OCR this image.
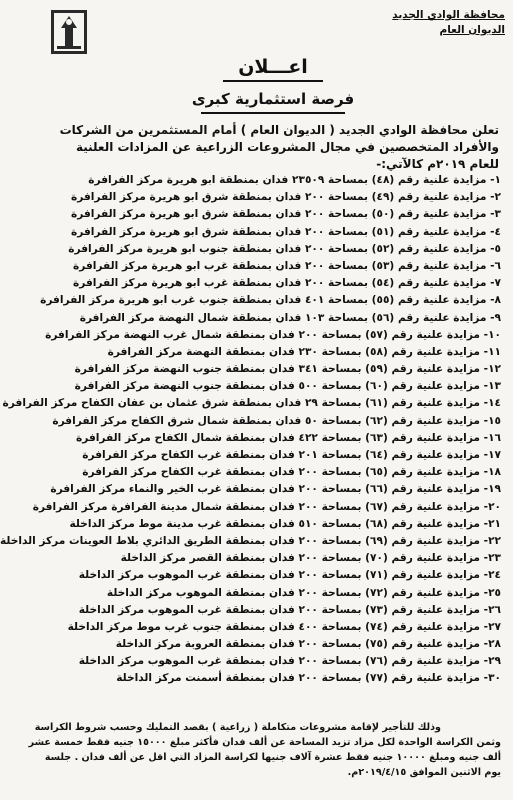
محافظة الوادي الجديد
الديوان العام
اعـــلان
فرصة استثمارية كبرى
تعلن محافظة الوادي الجديد ( الديوان العام ) أمام المستثمرين من الشركات والأفراد المتخصصين في مجال المشروعات الزراعية عن المزادات العلنية للعام ٢٠١٩م كالآتي:-
١- مزايدة علنية رقم (٤٨) بمساحة ٢٣٥٠٩ فدان بمنطقة ابو هريرة مركز الفرافرة
٢- مزايدة علنية رقم (٤٩) بمساحة ٢٠٠ فدان بمنطقة شرق ابو هريرة مركز الفرافرة
٣- مزايدة علنية رقم (٥٠) بمساحة ٢٠٠ فدان بمنطقة شرق ابو هريرة مركز الفرافرة
٤- مزايدة علنية رقم (٥١) بمساحة ٢٠٠ فدان بمنطقة شرق ابو هريرة مركز الفرافرة
٥- مزايدة علنية رقم (٥٢) بمساحة ٢٠٠ فدان بمنطقة جنوب ابو هريرة مركز الفرافرة
٦- مزايدة علنية رقم (٥٣) بمساحة ٢٠٠ فدان بمنطقة غرب ابو هريرة مركز الفرافرة
٧- مزايدة علنية رقم (٥٤) بمساحة ٢٠٠ فدان بمنطقة غرب ابو هريرة مركز الفرافرة
٨- مزايدة علنية رقم (٥٥) بمساحة ٤٠١ فدان بمنطقة جنوب غرب ابو هريرة مركز الفرافرة
٩- مزايدة علنية رقم (٥٦) بمساحة ١٠٣ فدان بمنطقة شمال النهضة مركز الفرافرة
١٠- مزايدة علنية رقم (٥٧) بمساحة ٢٠٠ فدان بمنطقة شمال غرب النهضة مركز الفرافرة
١١- مزايدة علنية رقم (٥٨) بمساحة ٢٣٠ فدان بمنطقة النهضة مركز الفرافرة
١٢- مزايدة علنية رقم (٥٩) بمساحة ٣٤١ فدان بمنطقة جنوب النهضة مركز الفرافرة
١٣- مزايدة علنية رقم (٦٠) بمساحة ٥٠٠ فدان بمنطقة جنوب النهضة مركز الفرافرة
١٤- مزايدة علنية رقم (٦١) بمساحة ٢٩ فدان بمنطقة شرق عثمان بن عفان الكفاح مركز الفرافرة
١٥- مزايدة علنية رقم (٦٢) بمساحة ٥٠ فدان بمنطقة شمال شرق الكفاح مركز الفرافرة
١٦- مزايدة علنية رقم (٦٣) بمساحة ٤٢٢ فدان بمنطقة شمال الكفاح مركز الفرافرة
١٧- مزايدة علنية رقم (٦٤) بمساحة ٢٠١ فدان بمنطقة غرب الكفاح مركز الفرافرة
١٨- مزايدة علنية رقم (٦٥) بمساحة ٢٠٠ فدان بمنطقة غرب الكفاح مركز الفرافرة
١٩- مزايدة علنية رقم (٦٦) بمساحة ٢٠٠ فدان بمنطقة غرب الخير والنماء مركز الفرافرة
٢٠- مزايدة علنية رقم (٦٧) بمساحة ٢٠٠ فدان بمنطقة شمال مدينة الفرافرة مركز الفرافرة
٢١- مزايدة علنية رقم (٦٨) بمساحة ٥١٠ فدان بمنطقة غرب مدينة موط مركز الداخلة
٢٢- مزايدة علنية رقم (٦٩) بمساحة ٢٠٠ فدان بمنطقة الطريق الدائري بلاط العوينات مركز الداخلة
٢٣- مزايدة علنية رقم (٧٠) بمساحة ٢٠٠ فدان بمنطقة القصر مركز الداخلة
٢٤- مزايدة علنية رقم (٧١) بمساحة ٢٠٠ فدان بمنطقة غرب الموهوب مركز الداخلة
٢٥- مزايدة علنية رقم (٧٢) بمساحة ٢٠٠ فدان بمنطقة الموهوب مركز الداخلة
٢٦- مزايدة علنية رقم (٧٣) بمساحة ٢٠٠ فدان بمنطقة غرب الموهوب مركز الداخلة
٢٧- مزايدة علنية رقم (٧٤) بمساحة ٤٠٠ فدان بمنطقة جنوب غرب موط مركز الداخلة
٢٨- مزايدة علنية رقم (٧٥) بمساحة ٢٠٠ فدان بمنطقة العروبة مركز الداخلة
٢٩- مزايدة علنية رقم (٧٦) بمساحة ٢٠٠ فدان بمنطقة غرب الموهوب مركز الداخلة
٣٠- مزايدة علنية رقم (٧٧) بمساحة ٢٠٠ فدان بمنطقة أسمنت مركز الداخلة

وذلك للتأجير لإقامة مشروعات متكاملة ( زراعية ) بقصد التمليك وحسب شروط الكراسة

وثمن الكراسة الواحدة لكل مزاد تزيد المساحة عن ألف فدان فأكثر مبلغ ١٥٠٠٠ جنيه فقط خمسة عشر

ألف جنيه ومبلغ ١٠٠٠٠ جنيه فقط عشرة آلاف جنيها لكراسة المزاد التي اقل عن ألف فدان . جلسة

يوم الاثنين الموافق ٢٠١٩/٤/١٥م.
